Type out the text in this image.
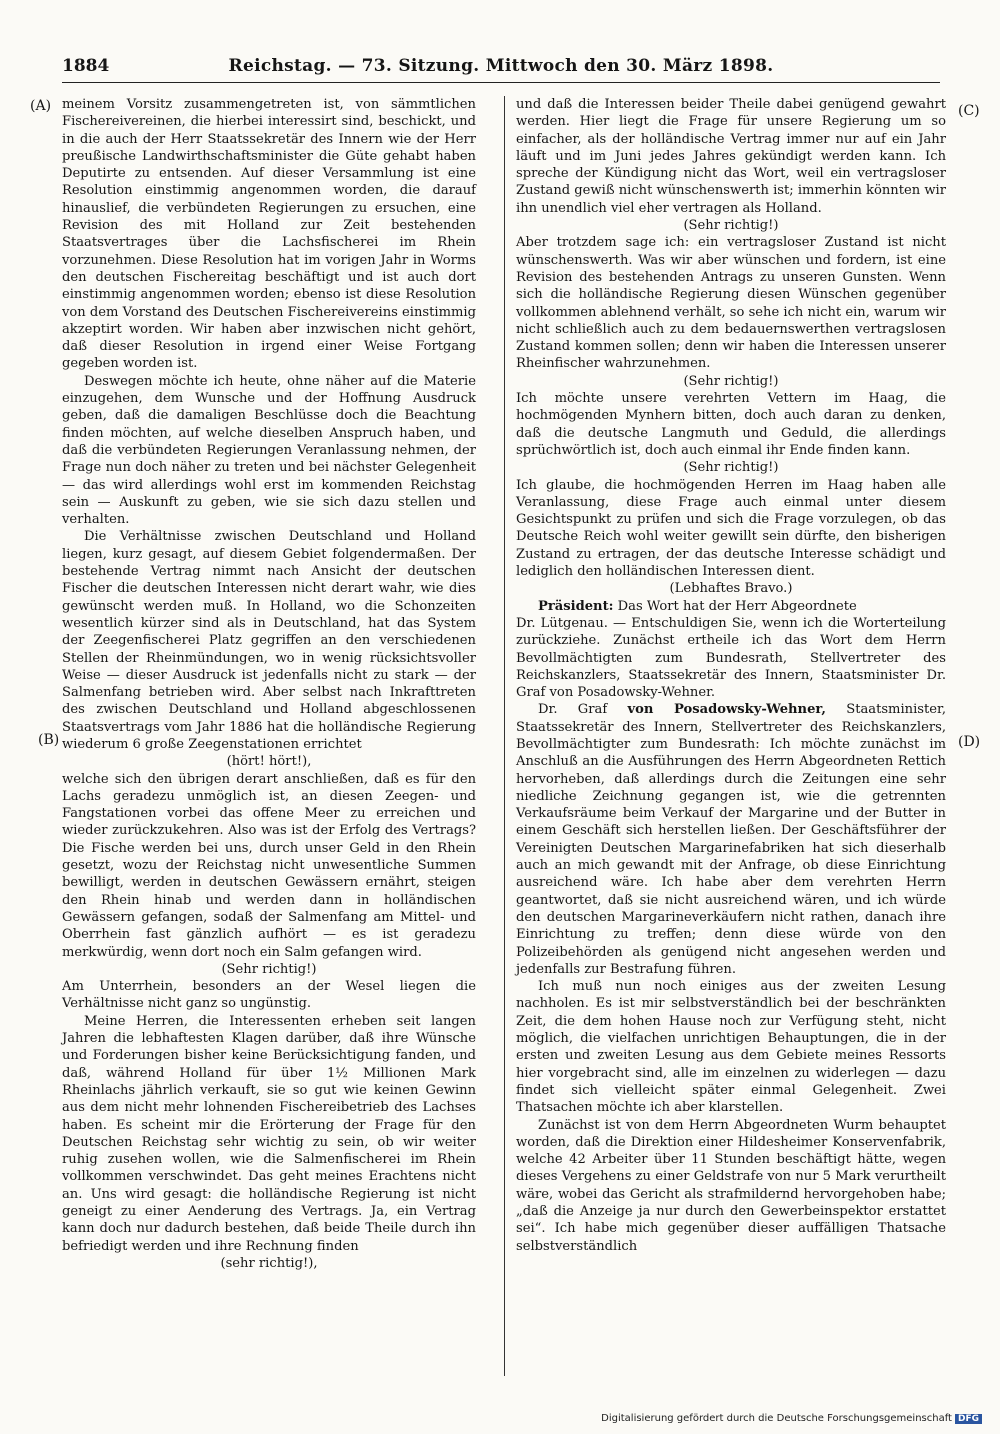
1884	Reichstag. — 73. Sitzung. Mittwoch den 30. März 1898.
(A)
(B)
(C)
(D)

meinem Vorsitz zusammengetreten ist, von sämmtlichen Fischereivereinen, die hierbei interessirt sind, beschickt, und in die auch der Herr Staatssekretär des Innern wie der Herr preußische Landwirthschaftsminister die Güte gehabt haben Deputirte zu entsenden. Auf dieser Versammlung ist eine Resolution einstimmig angenommen worden, die darauf hinauslief, die verbündeten Regierungen zu ersuchen, eine Revision des mit Holland zur Zeit bestehenden Staatsvertrages über die Lachsfischerei im Rhein vorzunehmen. Diese Resolution hat im vorigen Jahr in Worms den deutschen Fischereitag beschäftigt und ist auch dort einstimmig angenommen worden; ebenso ist diese Resolution von dem Vorstand des Deutschen Fischereivereins einstimmig akzeptirt worden. Wir haben aber inzwischen nicht gehört, daß dieser Resolution in irgend einer Weise Fortgang gegeben worden ist.

Deswegen möchte ich heute, ohne näher auf die Materie einzugehen, dem Wunsche und der Hoffnung Ausdruck geben, daß die damaligen Beschlüsse doch die Beachtung finden möchten, auf welche dieselben Anspruch haben, und daß die verbündeten Regierungen Veranlassung nehmen, der Frage nun doch näher zu treten und bei nächster Gelegenheit — das wird allerdings wohl erst im kommenden Reichstag sein — Auskunft zu geben, wie sie sich dazu stellen und verhalten.

Die Verhältnisse zwischen Deutschland und Holland liegen, kurz gesagt, auf diesem Gebiet folgendermaßen. Der bestehende Vertrag nimmt nach Ansicht der deutschen Fischer die deutschen Interessen nicht derart wahr, wie dies gewünscht werden muß. In Holland, wo die Schonzeiten wesentlich kürzer sind als in Deutschland, hat das System der Zeegenfischerei Platz gegriffen an den verschiedenen Stellen der Rheinmündungen, wo in wenig rücksichtsvoller Weise — dieser Ausdruck ist jedenfalls nicht zu stark — der Salmenfang betrieben wird. Aber selbst nach Inkrafttreten des zwischen Deutschland und Holland abgeschlossenen Staatsvertrags vom Jahr 1886 hat die holländische Regierung wiederum 6 große Zeegenstationen errichtet

(hört! hört!),

welche sich den übrigen derart anschließen, daß es für den Lachs geradezu unmöglich ist, an diesen Zeegen- und Fangstationen vorbei das offene Meer zu erreichen und wieder zurückzukehren. Also was ist der Erfolg des Vertrags? Die Fische werden bei uns, durch unser Geld in den Rhein gesetzt, wozu der Reichstag nicht unwesentliche Summen bewilligt, werden in deutschen Gewässern ernährt, steigen den Rhein hinab und werden dann in holländischen Gewässern gefangen, sodaß der Salmenfang am Mittel- und Oberrhein fast gänzlich aufhört — es ist geradezu merkwürdig, wenn dort noch ein Salm gefangen wird.

(Sehr richtig!)

Am Unterrhein, besonders an der Wesel liegen die Verhältnisse nicht ganz so ungünstig.

Meine Herren, die Interessenten erheben seit langen Jahren die lebhaftesten Klagen darüber, daß ihre Wünsche und Forderungen bisher keine Berücksichtigung fanden, und daß, während Holland für über 1½ Millionen Mark Rheinlachs jährlich verkauft, sie so gut wie keinen Gewinn aus dem nicht mehr lohnenden Fischereibetrieb des Lachses haben. Es scheint mir die Erörterung der Frage für den Deutschen Reichstag sehr wichtig zu sein, ob wir weiter ruhig zusehen wollen, wie die Salmenfischerei im Rhein vollkommen verschwindet. Das geht meines Erachtens nicht an. Uns wird gesagt: die holländische Regierung ist nicht geneigt zu einer Aenderung des Vertrags. Ja, ein Vertrag kann doch nur dadurch bestehen, daß beide Theile durch ihn befriedigt werden und ihre Rechnung finden

(sehr richtig!),

und daß die Interessen beider Theile dabei genügend gewahrt werden. Hier liegt die Frage für unsere Regierung um so einfacher, als der holländische Vertrag immer nur auf ein Jahr läuft und im Juni jedes Jahres gekündigt werden kann. Ich spreche der Kündigung nicht das Wort, weil ein vertragsloser Zustand gewiß nicht wünschenswerth ist; immerhin könnten wir ihn unendlich viel eher vertragen als Holland.

(Sehr richtig!)

Aber trotzdem sage ich: ein vertragsloser Zustand ist nicht wünschenswerth. Was wir aber wünschen und fordern, ist eine Revision des bestehenden Antrags zu unseren Gunsten. Wenn sich die holländische Regierung diesen Wünschen gegenüber vollkommen ablehnend verhält, so sehe ich nicht ein, warum wir nicht schließlich auch zu dem bedauernswerthen vertragslosen Zustand kommen sollen; denn wir haben die Interessen unserer Rheinfischer wahrzunehmen.

(Sehr richtig!)

Ich möchte unsere verehrten Vettern im Haag, die hochmögenden Mynhern bitten, doch auch daran zu denken, daß die deutsche Langmuth und Geduld, die allerdings sprüchwörtlich ist, doch auch einmal ihr Ende finden kann.

(Sehr richtig!)

Ich glaube, die hochmögenden Herren im Haag haben alle Veranlassung, diese Frage auch einmal unter diesem Gesichtspunkt zu prüfen und sich die Frage vorzulegen, ob das Deutsche Reich wohl weiter gewillt sein dürfte, den bisherigen Zustand zu ertragen, der das deutsche Interesse schädigt und lediglich den holländischen Interessen dient.

(Lebhaftes Bravo.)

Präsident: Das Wort hat der Herr Abgeordnete

Dr. Lütgenau. — Entschuldigen Sie, wenn ich die Worterteilung zurückziehe. Zunächst ertheile ich das Wort dem Herrn Bevollmächtigten zum Bundesrath, Stellvertreter des Reichskanzlers, Staatssekretär des Innern, Staatsminister Dr. Graf von Posadowsky-Wehner.

Dr. Graf von Posadowsky-Wehner, Staatsminister, Staatssekretär des Innern, Stellvertreter des Reichskanzlers, Bevollmächtigter zum Bundesrath: Ich möchte zunächst im Anschluß an die Ausführungen des Herrn Abgeordneten Rettich hervorheben, daß allerdings durch die Zeitungen eine sehr niedliche Zeichnung gegangen ist, wie die getrennten Verkaufsräume beim Verkauf der Margarine und der Butter in einem Geschäft sich herstellen ließen. Der Geschäftsführer der Vereinigten Deutschen Margarinefabriken hat sich dieserhalb auch an mich gewandt mit der Anfrage, ob diese Einrichtung ausreichend wäre. Ich habe aber dem verehrten Herrn geantwortet, daß sie nicht ausreichend wären, und ich würde den deutschen Margarineverkäufern nicht rathen, danach ihre Einrichtung zu treffen; denn diese würde von den Polizeibehörden als genügend nicht angesehen werden und jedenfalls zur Bestrafung führen.

Ich muß nun noch einiges aus der zweiten Lesung nachholen. Es ist mir selbstverständlich bei der beschränkten Zeit, die dem hohen Hause noch zur Verfügung steht, nicht möglich, die vielfachen unrichtigen Behauptungen, die in der ersten und zweiten Lesung aus dem Gebiete meines Ressorts hier vorgebracht sind, alle im einzelnen zu widerlegen — dazu findet sich vielleicht später einmal Gelegenheit. Zwei Thatsachen möchte ich aber klarstellen.

Zunächst ist von dem Herrn Abgeordneten Wurm behauptet worden, daß die Direktion einer Hildesheimer Konservenfabrik, welche 42 Arbeiter über 11 Stunden beschäftigt hätte, wegen dieses Vergehens zu einer Geldstrafe von nur 5 Mark verurtheilt wäre, wobei das Gericht als strafmildernd hervorgehoben habe; „daß die Anzeige ja nur durch den Gewerbeinspektor erstattet sei“. Ich habe mich gegenüber dieser auffälligen Thatsache selbstverständlich

Digitalisierung gefördert durch die Deutsche Forschungsgemeinschaft DFG
